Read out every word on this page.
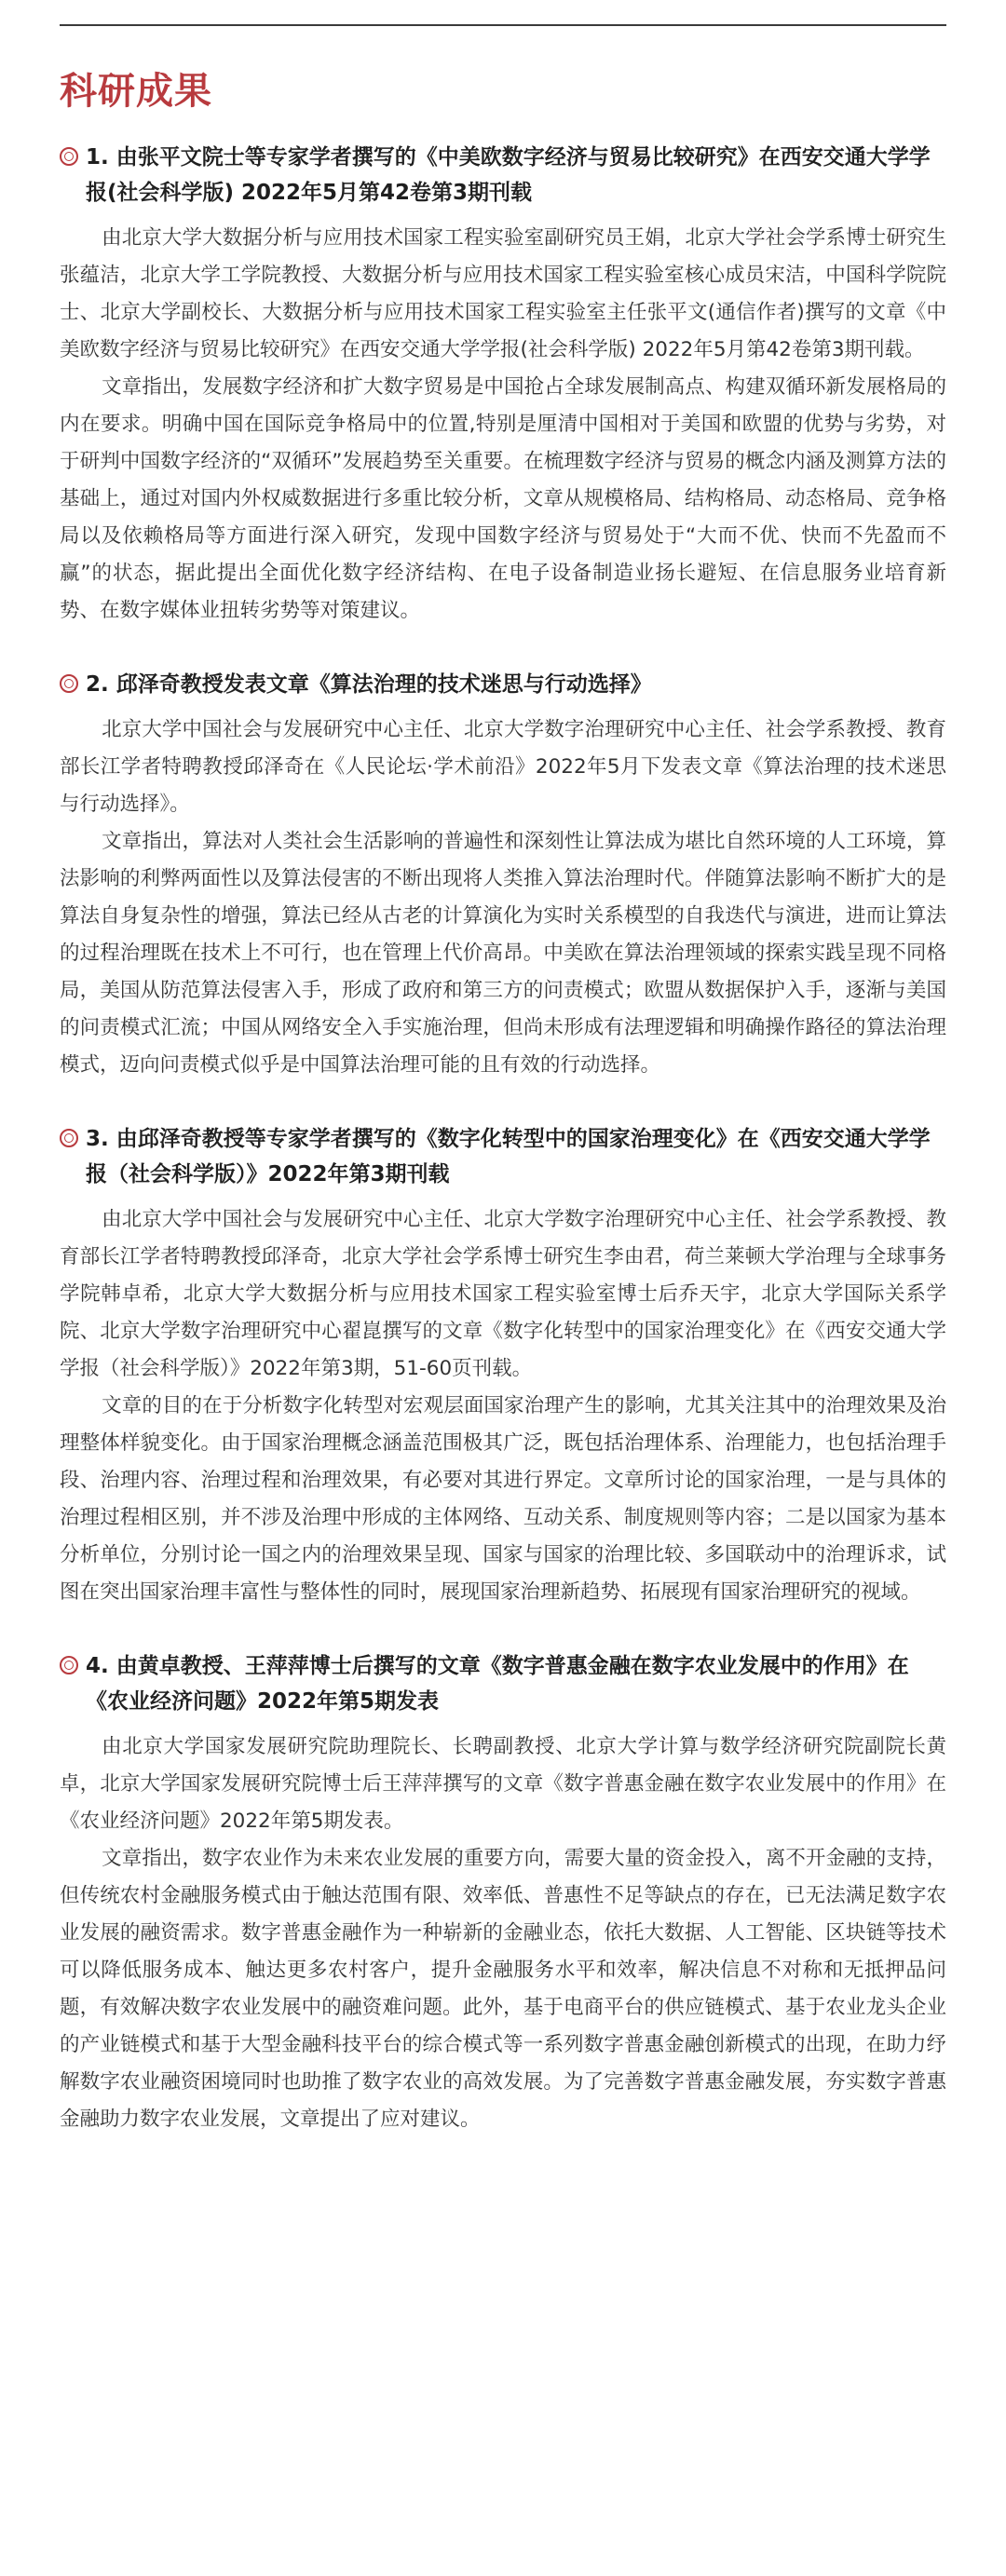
科研成果
1. 由张平文院士等专家学者撰写的《中美欧数字经济与贸易比较研究》在西安交通大学学报(社会科学版) 2022年5月第42卷第3期刊载

由北京大学大数据分析与应用技术国家工程实验室副研究员王娟，北京大学社会学系博士研究生张蕴洁，北京大学工学院教授、大数据分析与应用技术国家工程实验室核心成员宋洁，中国科学院院士、北京大学副校长、大数据分析与应用技术国家工程实验室主任张平文(通信作者)撰写的文章《中美欧数字经济与贸易比较研究》在西安交通大学学报(社会科学版) 2022年5月第42卷第3期刊载。

文章指出，发展数字经济和扩大数字贸易是中国抢占全球发展制高点、构建双循环新发展格局的内在要求。明确中国在国际竞争格局中的位置,特别是厘清中国相对于美国和欧盟的优势与劣势，对于研判中国数字经济的“双循环”发展趋势至关重要。在梳理数字经济与贸易的概念内涵及测算方法的基础上，通过对国内外权威数据进行多重比较分析，文章从规模格局、结构格局、动态格局、竞争格局以及依赖格局等方面进行深入研究，发现中国数字经济与贸易处于“大而不优、快而不先盈而不赢”的状态，据此提出全面优化数字经济结构、在电子设备制造业扬长避短、在信息服务业培育新势、在数字媒体业扭转劣势等对策建议。

2. 邱泽奇教授发表文章《算法治理的技术迷思与行动选择》

北京大学中国社会与发展研究中心主任、北京大学数字治理研究中心主任、社会学系教授、教育部长江学者特聘教授邱泽奇在《人民论坛·学术前沿》2022年5月下发表文章《算法治理的技术迷思与行动选择》。

文章指出，算法对人类社会生活影响的普遍性和深刻性让算法成为堪比自然环境的人工环境，算法影响的利弊两面性以及算法侵害的不断出现将人类推入算法治理时代。伴随算法影响不断扩大的是算法自身复杂性的增强，算法已经从古老的计算演化为实时关系模型的自我迭代与演进，进而让算法的过程治理既在技术上不可行，也在管理上代价高昂。中美欧在算法治理领域的探索实践呈现不同格局，美国从防范算法侵害入手，形成了政府和第三方的问责模式；欧盟从数据保护入手，逐渐与美国的问责模式汇流；中国从网络安全入手实施治理，但尚未形成有法理逻辑和明确操作路径的算法治理模式，迈向问责模式似乎是中国算法治理可能的且有效的行动选择。

3. 由邱泽奇教授等专家学者撰写的《数字化转型中的国家治理变化》在《西安交通大学学报（社会科学版）》2022年第3期刊载

由北京大学中国社会与发展研究中心主任、北京大学数字治理研究中心主任、社会学系教授、教育部长江学者特聘教授邱泽奇，北京大学社会学系博士研究生李由君，荷兰莱顿大学治理与全球事务学院韩卓希，北京大学大数据分析与应用技术国家工程实验室博士后乔天宇，北京大学国际关系学院、北京大学数字治理研究中心翟崑撰写的文章《数字化转型中的国家治理变化》在《西安交通大学学报（社会科学版）》2022年第3期，51-60页刊载。

文章的目的在于分析数字化转型对宏观层面国家治理产生的影响，尤其关注其中的治理效果及治理整体样貌变化。由于国家治理概念涵盖范围极其广泛，既包括治理体系、治理能力，也包括治理手段、治理内容、治理过程和治理效果，有必要对其进行界定。文章所讨论的国家治理，一是与具体的治理过程相区别，并不涉及治理中形成的主体网络、互动关系、制度规则等内容；二是以国家为基本分析单位，分别讨论一国之内的治理效果呈现、国家与国家的治理比较、多国联动中的治理诉求，试图在突出国家治理丰富性与整体性的同时，展现国家治理新趋势、拓展现有国家治理研究的视域。

4. 由黄卓教授、王萍萍博士后撰写的文章《数字普惠金融在数字农业发展中的作用》在《农业经济问题》2022年第5期发表

由北京大学国家发展研究院助理院长、长聘副教授、北京大学计算与数学经济研究院副院长黄卓，北京大学国家发展研究院博士后王萍萍撰写的文章《数字普惠金融在数字农业发展中的作用》在《农业经济问题》2022年第5期发表。

文章指出，数字农业作为未来农业发展的重要方向，需要大量的资金投入，离不开金融的支持，但传统农村金融服务模式由于触达范围有限、效率低、普惠性不足等缺点的存在，已无法满足数字农业发展的融资需求。数字普惠金融作为一种崭新的金融业态，依托大数据、人工智能、区块链等技术可以降低服务成本、触达更多农村客户，提升金融服务水平和效率，解决信息不对称和无抵押品问题，有效解决数字农业发展中的融资难问题。此外，基于电商平台的供应链模式、基于农业龙头企业的产业链模式和基于大型金融科技平台的综合模式等一系列数字普惠金融创新模式的出现，在助力纾解数字农业融资困境同时也助推了数字农业的高效发展。为了完善数字普惠金融发展，夯实数字普惠金融助力数字农业发展，文章提出了应对建议。
